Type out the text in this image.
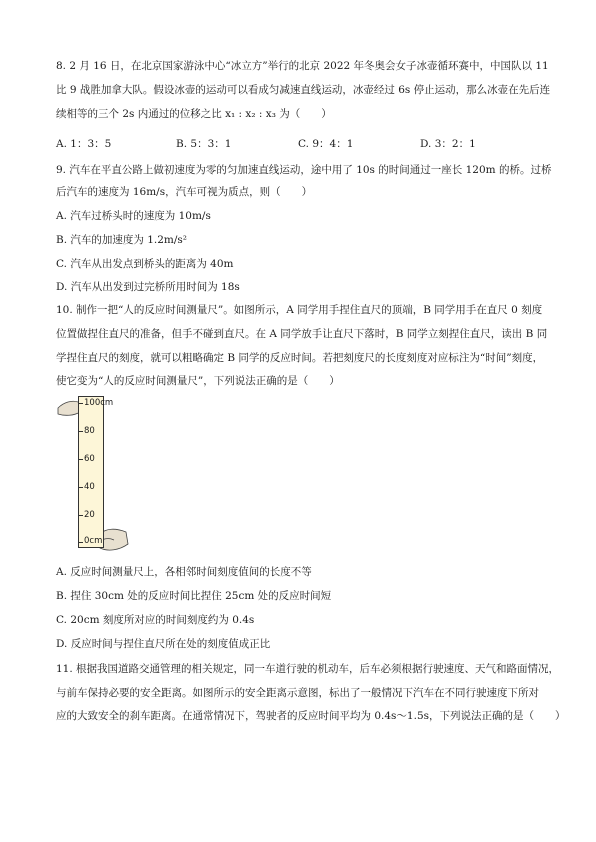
8. 2 月 16 日，在北京国家游泳中心“冰立方”举行的北京 2022 年冬奥会女子冰壶循环赛中，中国队以 11
比 9 战胜加拿大队。假设冰壶的运动可以看成匀减速直线运动，冰壶经过 6s 停止运动，那么冰壶在先后连
续相等的三个 2s 内通过的位移之比 x₁ : x₂ : x₃ 为（　　）
A. 1：3：5	B. 5：3：1	C. 9：4：1	D. 3：2：1
9. 汽车在平直公路上做初速度为零的匀加速直线运动，途中用了 10s 的时间通过一座长 120m 的桥。过桥
后汽车的速度为 16m/s，汽车可视为质点，则（　　）
A. 汽车过桥头时的速度为 10m/s
B. 汽车的加速度为 1.2m/s²
C. 汽车从出发点到桥头的距离为 40m
D. 汽车从出发到过完桥所用时间为 18s
10. 制作一把“人的反应时间测量尺”。如图所示，A 同学用手捏住直尺的顶端，B 同学用手在直尺 0 刻度
位置做捏住直尺的准备，但手不碰到直尺。在 A 同学放手让直尺下落时，B 同学立刻捏住直尺，读出 B 同
学捏住直尺的刻度，就可以粗略确定 B 同学的反应时间。若把刻度尺的长度刻度对应标注为“时间”刻度，
使它变为“人的反应时间测量尺”，下列说法正确的是（　　）
100cm
80
60
40
20
0cm
A. 反应时间测量尺上，各相邻时间刻度值间的长度不等
B. 捏住 30cm 处的反应时间比捏住 25cm 处的反应时间短
C. 20cm 刻度所对应的时间刻度约为 0.4s
D. 反应时间与捏住直尺所在处的刻度值成正比
11. 根据我国道路交通管理的相关规定，同一车道行驶的机动车，后车必须根据行驶速度、天气和路面情况，
与前车保持必要的安全距离。如图所示的安全距离示意图，标出了一般情况下汽车在不同行驶速度下所对
应的大致安全的刹车距离。在通常情况下，驾驶者的反应时间平均为 0.4s～1.5s，下列说法正确的是（　　）
